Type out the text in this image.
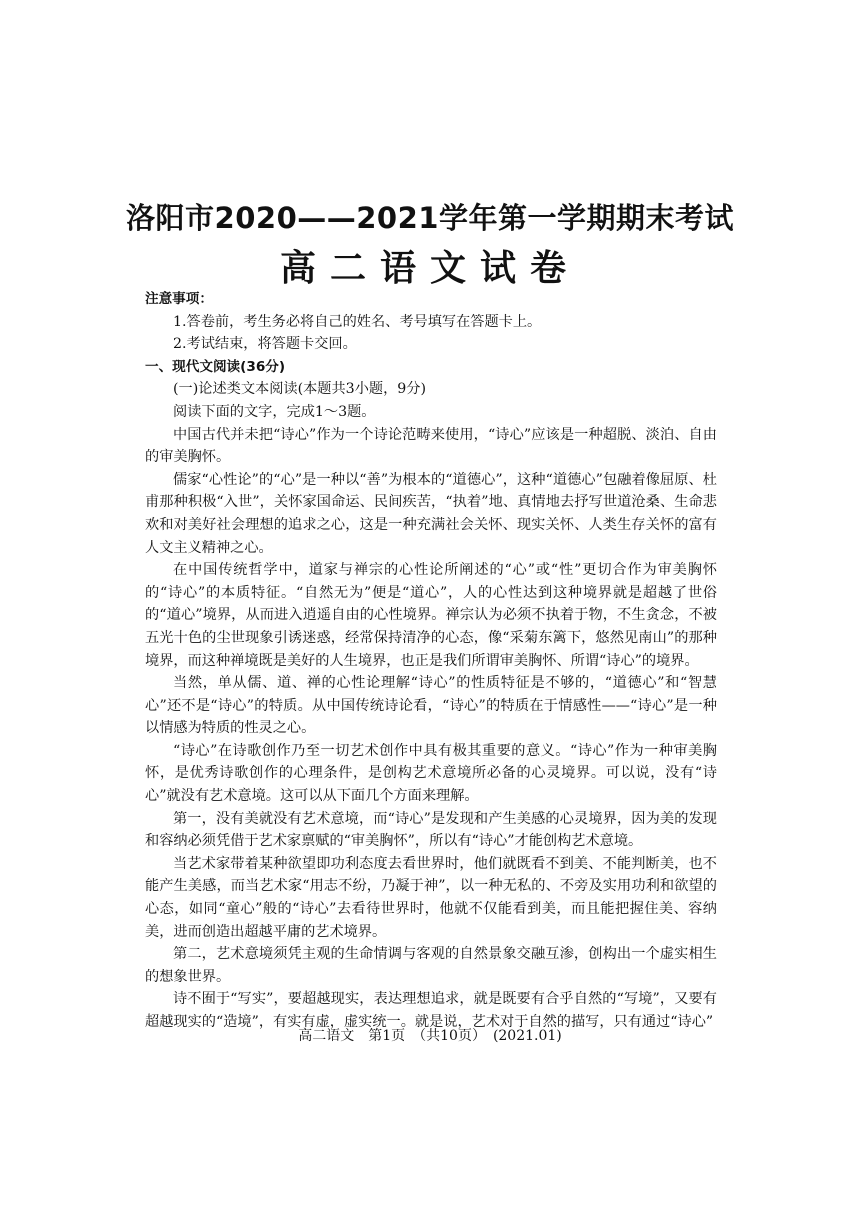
洛阳市2020——2021学年第一学期期末考试
高二语文试卷

注意事项：

1.答卷前，考生务必将自己的姓名、考号填写在答题卡上。

2.考试结束，将答题卡交回。

一、现代文阅读(36分)

(一)论述类文本阅读(本题共3小题，9分)

阅读下面的文字，完成1～3题。

中国古代并未把“诗心”作为一个诗论范畴来使用，“诗心”应该是一种超脱、淡泊、自由的审美胸怀。

儒家“心性论”的“心”是一种以“善”为根本的“道德心”，这种“道德心”包融着像屈原、杜甫那种积极“入世”，关怀家国命运、民间疾苦，“执着”地、真情地去抒写世道沧桑、生命悲欢和对美好社会理想的追求之心，这是一种充满社会关怀、现实关怀、人类生存关怀的富有人文主义精神之心。

在中国传统哲学中，道家与禅宗的心性论所阐述的“心”或“性”更切合作为审美胸怀的“诗心”的本质特征。“自然无为”便是“道心”，人的心性达到这种境界就是超越了世俗的“道心”境界，从而进入逍遥自由的心性境界。禅宗认为必须不执着于物，不生贪念，不被五光十色的尘世现象引诱迷惑，经常保持清净的心态，像“采菊东篱下，悠然见南山”的那种境界，而这种禅境既是美好的人生境界，也正是我们所谓审美胸怀、所谓“诗心”的境界。

当然，单从儒、道、禅的心性论理解“诗心”的性质特征是不够的，“道德心”和“智慧心”还不是“诗心”的特质。从中国传统诗论看，“诗心”的特质在于情感性——“诗心”是一种以情感为特质的性灵之心。

“诗心”在诗歌创作乃至一切艺术创作中具有极其重要的意义。“诗心”作为一种审美胸怀，是优秀诗歌创作的心理条件，是创构艺术意境所必备的心灵境界。可以说，没有“诗心”就没有艺术意境。这可以从下面几个方面来理解。

第一，没有美就没有艺术意境，而“诗心”是发现和产生美感的心灵境界，因为美的发现和容纳必须凭借于艺术家禀赋的“审美胸怀”，所以有“诗心”才能创构艺术意境。

当艺术家带着某种欲望即功利态度去看世界时，他们就既看不到美、不能判断美，也不能产生美感，而当艺术家“用志不纷，乃凝于神”，以一种无私的、不旁及实用功利和欲望的心态，如同“童心”般的“诗心”去看待世界时，他就不仅能看到美，而且能把握住美、容纳美，进而创造出超越平庸的艺术境界。

第二，艺术意境须凭主观的生命情调与客观的自然景象交融互渗，创构出一个虚实相生的想象世界。

诗不囿于“写实”，要超越现实，表达理想追求，就是既要有合乎自然的“写境”，又要有超越现实的“造境”，有实有虚，虚实统一。就是说，艺术对于自然的描写，只有通过“诗心”

高二语文　第1页　（共10页）　(2021.01)
